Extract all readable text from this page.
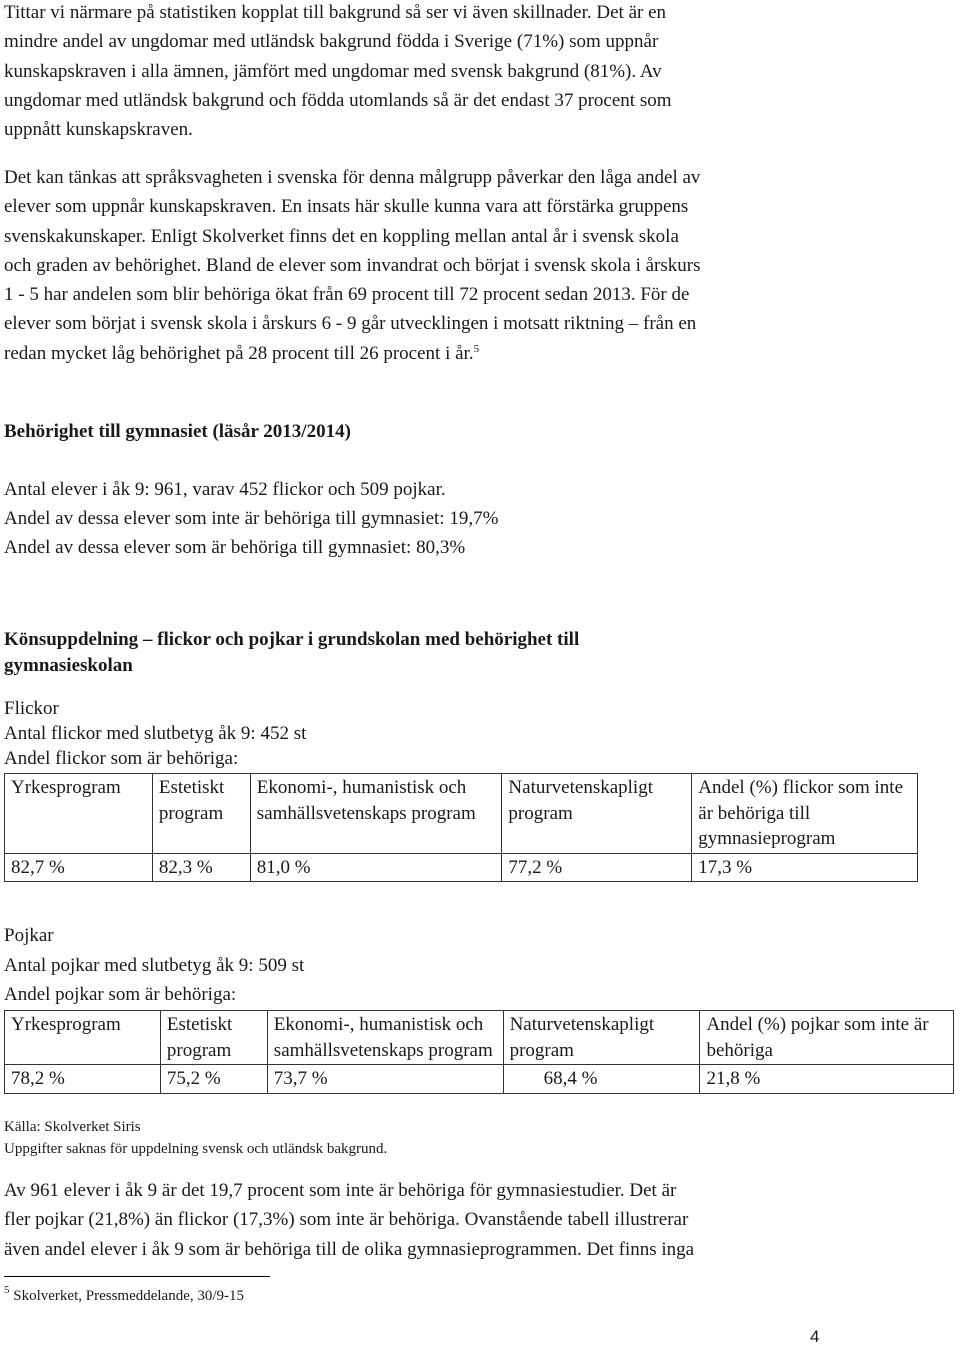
Tittar vi närmare på statistiken kopplat till bakgrund så ser vi även skillnader. Det är en
mindre andel av ungdomar med utländsk bakgrund födda i Sverige (71%) som uppnår
kunskapskraven i alla ämnen, jämfört med ungdomar med svensk bakgrund (81%). Av
ungdomar med utländsk bakgrund och födda utomlands så är det endast 37 procent som
uppnått kunskapskraven.
Det kan tänkas att språksvagheten i svenska för denna målgrupp påverkar den låga andel av
elever som uppnår kunskapskraven. En insats här skulle kunna vara att förstärka gruppens
svenskakunskaper. Enligt Skolverket finns det en koppling mellan antal år i svensk skola
och graden av behörighet. Bland de elever som invandrat och börjat i svensk skola i årskurs
1 - 5 har andelen som blir behöriga ökat från 69 procent till 72 procent sedan 2013. För de
elever som börjat i svensk skola i årskurs 6 - 9 går utvecklingen i motsatt riktning – från en
redan mycket låg behörighet på 28 procent till 26 procent i år.$^5$

Behörighet till gymnasiet (läsår 2013/2014)

Antal elever i åk 9: 961, varav 452 flickor och 509 pojkar.

Andel av dessa elever som inte är behöriga till gymnasiet: 19,7%

Andel av dessa elever som är behöriga till gymnasiet: 80,3%

Könsuppdelning – flickor och pojkar i grundskolan med behörighet till
gymnasieskolan

Flickor

Antal flickor med slutbetyg åk 9: 452 st

Andel flickor som är behöriga:

Yrkesprogram	Estetiskt program	Ekonomi-, humanistisk och samhällsvetenskaps program	Naturvetenskapligt program	Andel (%) flickor som inte är behöriga till gymnasieprogram
82,7 %	82,3 %	81,0 %	77,2 %	17,3 %

Pojkar

Antal pojkar med slutbetyg åk 9: 509 st

Andel pojkar som är behöriga:

Yrkesprogram	Estetiskt program	Ekonomi-, humanistisk och samhällsvetenskaps program	Naturvetenskapligt program	Andel (%) pojkar som inte är behöriga
78,2 %	75,2 %	73,7 %	68,4 %	21,8 %

Källa: Skolverket Siris

Uppgifter saknas för uppdelning svensk och utländsk bakgrund.

Av 961 elever i åk 9 är det 19,7 procent som inte är behöriga för gymnasiestudier. Det är
fler pojkar (21,8%) än flickor (17,3%) som inte är behöriga. Ovanstående tabell illustrerar
även andel elever i åk 9 som är behöriga till de olika gymnasieprogrammen. Det finns inga
$^5$ Skolverket, Pressmeddelande, 30/9-15
4
